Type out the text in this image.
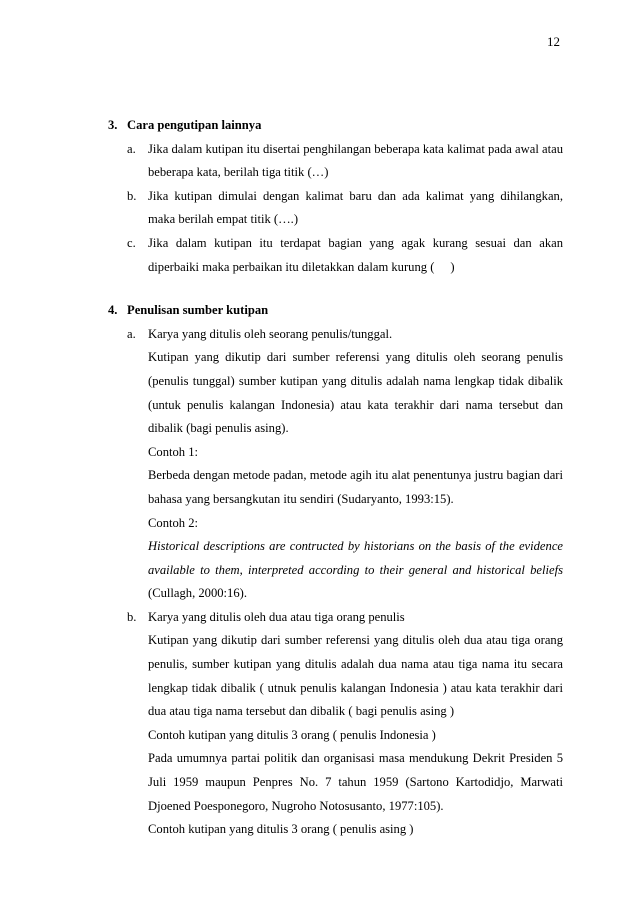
12
3. Cara pengutipan lainnya
a. Jika dalam kutipan itu disertai penghilangan beberapa kata kalimat pada awal atau beberapa kata, berilah tiga titik (…)
b. Jika kutipan dimulai dengan kalimat baru dan ada kalimat yang dihilangkan, maka berilah empat titik (….)
c. Jika dalam kutipan itu terdapat bagian yang agak kurang sesuai dan akan diperbaiki maka perbaikan itu diletakkan dalam kurung ( )
4. Penulisan sumber kutipan
a. Karya yang ditulis oleh seorang penulis/tunggal.

Kutipan yang dikutip dari sumber referensi yang ditulis oleh seorang penulis (penulis tunggal) sumber kutipan yang ditulis adalah nama lengkap tidak dibalik (untuk penulis kalangan Indonesia) atau kata terakhir dari nama tersebut dan dibalik (bagi penulis asing).

Contoh 1:

Berbeda dengan metode padan, metode agih itu alat penentunya justru bagian dari bahasa yang bersangkutan itu sendiri (Sudaryanto, 1993:15).

Contoh 2:

Historical descriptions are contructed by historians on the basis of the evidence available to them, interpreted according to their general and historical beliefs (Cullagh, 2000:16).

b. Karya yang ditulis oleh dua atau tiga orang penulis

Kutipan yang dikutip dari sumber referensi yang ditulis oleh dua atau tiga orang penulis, sumber kutipan yang ditulis adalah dua nama atau tiga nama itu secara lengkap tidak dibalik ( utnuk penulis kalangan Indonesia ) atau kata terakhir dari dua atau tiga nama tersebut dan dibalik ( bagi penulis asing )

Contoh kutipan yang ditulis 3 orang ( penulis Indonesia )

Pada umumnya partai politik dan organisasi masa mendukung Dekrit Presiden 5 Juli 1959 maupun Penpres No. 7 tahun 1959 (Sartono Kartodidjo, Marwati Djoened Poesponegoro, Nugroho Notosusanto, 1977:105).

Contoh kutipan yang ditulis 3 orang ( penulis asing )
